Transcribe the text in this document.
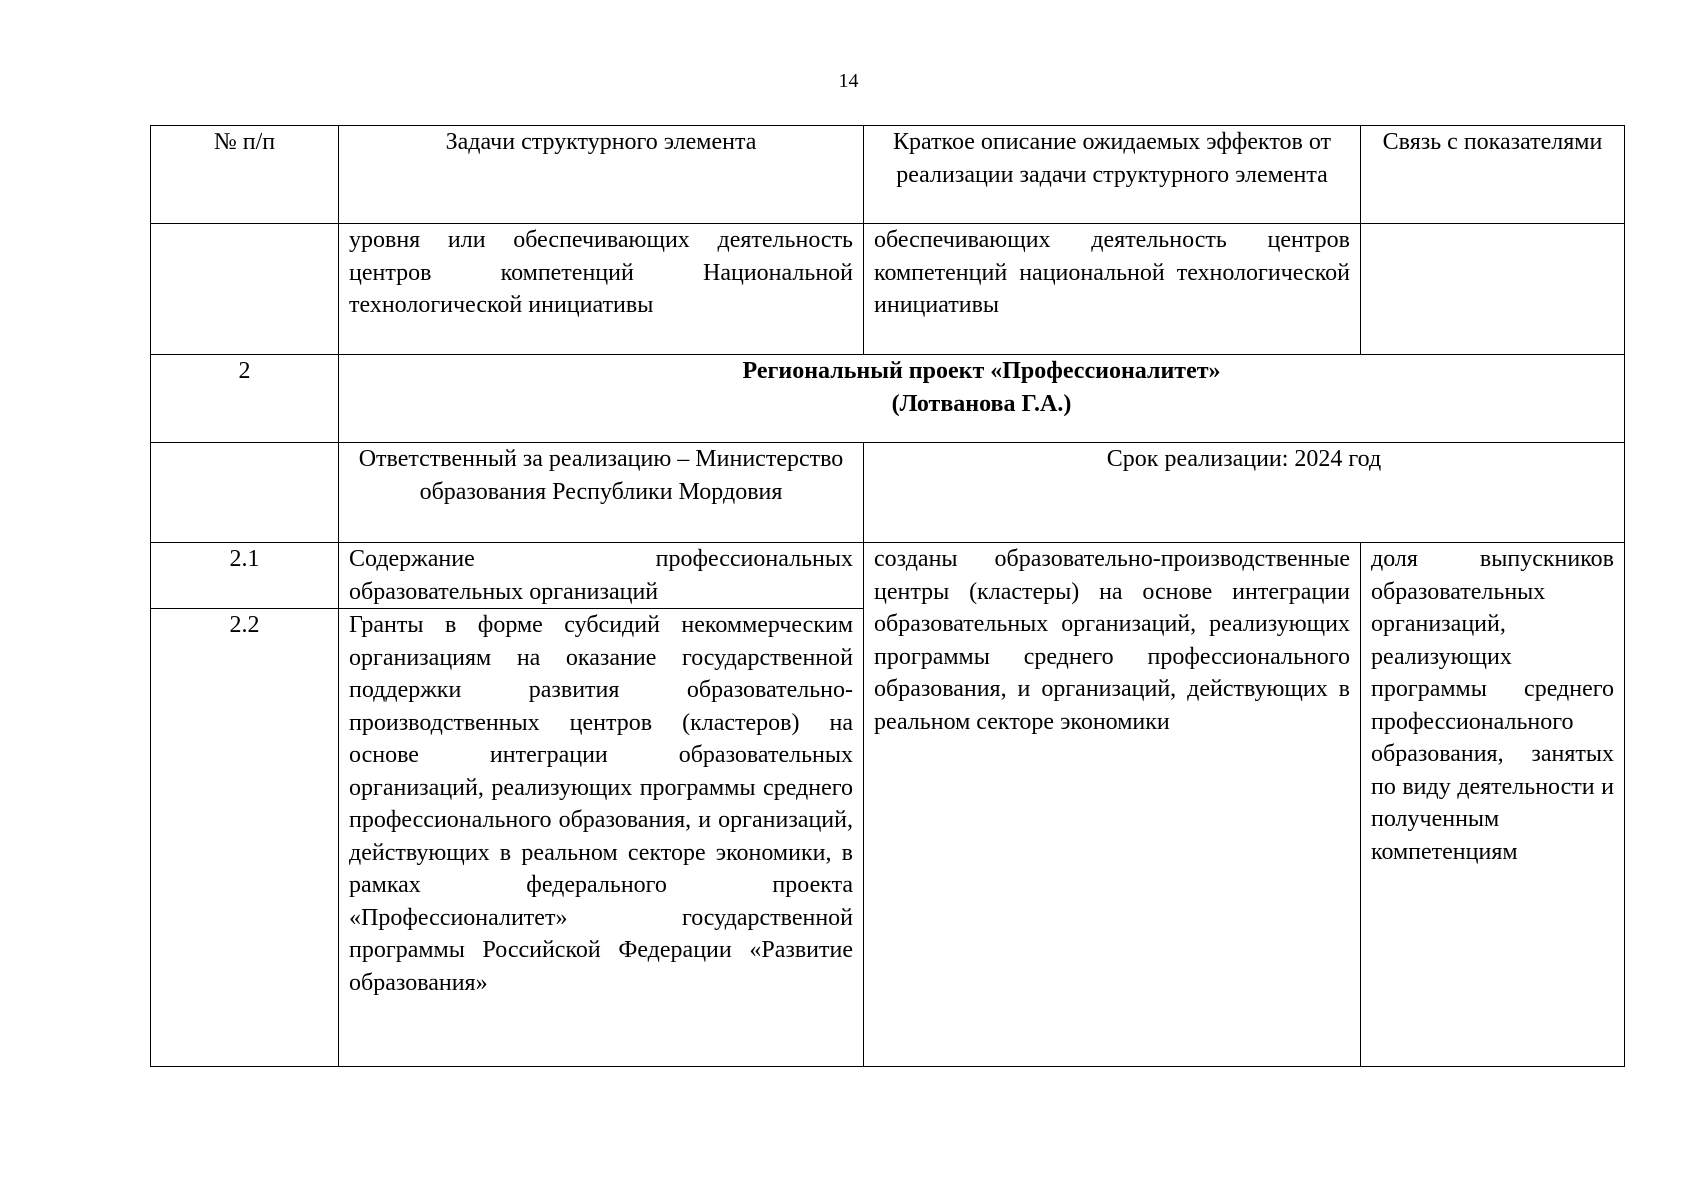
14
№ п/п	Задачи структурного элемента	Краткое описание ожидаемых эффектов от реализации задачи структурного элемента	Связь с показателями
	уровня или обеспечивающих деятельность центров компетенций Национальной технологической инициативы	обеспечивающих деятельность центров компетенций национальной технологической инициативы	
2	Региональный проект «Профессионалитет»
(Лотванова Г.А.)		

	Ответственный за реализацию – Министерство образования Республики Мордовия	Срок реализации: 2024 год	
2.1	Содержание профессиональных образовательных организаций	созданы образовательно-производственные центры (кластеры) на основе интеграции образовательных организаций, реализующих программы среднего профессионального образования, и организаций, действующих в реальном секторе экономики	доля выпускников образовательных организаций, реализующих программы среднего профессионального образования, занятых по виду деятельности и полученным компетенциям
2.2	Гранты в форме субсидий некоммерческим организациям на оказание государственной поддержки развития образовательно-производственных центров (кластеров) на основе интеграции образовательных организаций, реализующих программы среднего профессионального образования, и организаций, действующих в реальном секторе экономики, в рамках федерального проекта «Профессионалитет» государственной программы Российской Федерации «Развитие образования»		
